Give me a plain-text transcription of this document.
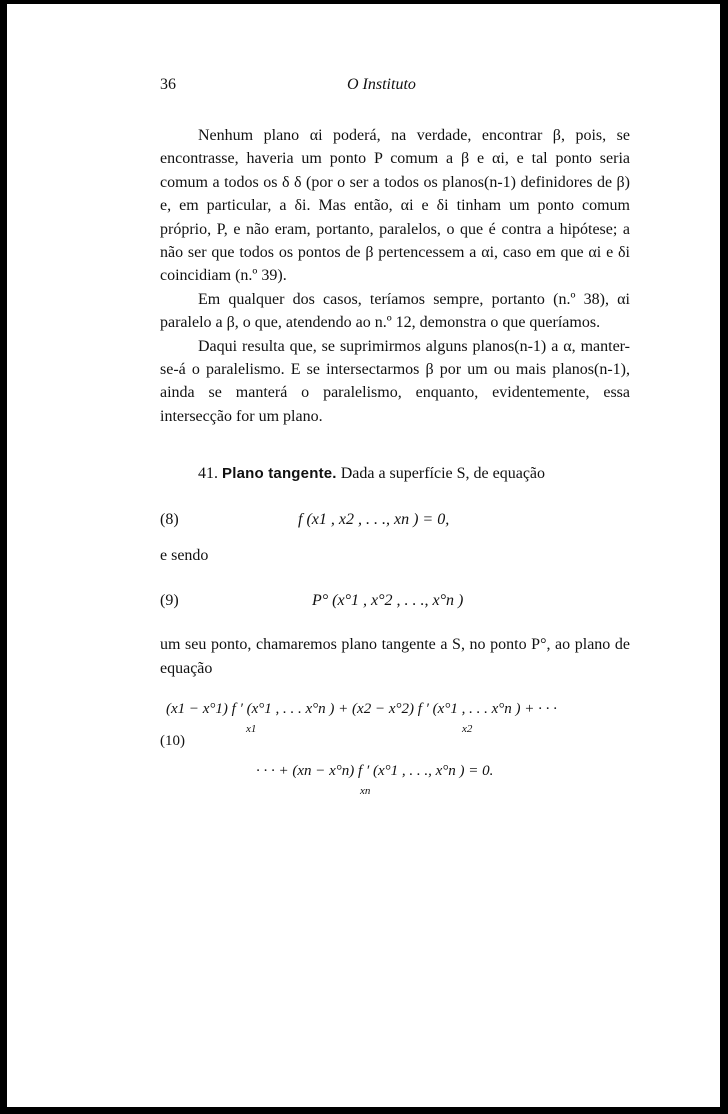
36	O Instituto

Nenhum plano αi poderá, na verdade, encontrar β, pois, se encontrasse, haveria um ponto P comum a β e αi, e tal ponto seria comum a todos os δ δ (por o ser a todos os planos(n-1) definidores de β) e, em particular, a δi. Mas então, αi e δi tinham um ponto comum próprio, P, e não eram, portanto, paralelos, o que é contra a hipótese; a não ser que todos os pontos de β pertencessem a αi, caso em que αi e δi coincidiam (n.º 39).

Em qualquer dos casos, teríamos sempre, portanto (n.º 38), αi paralelo a β, o que, atendendo ao n.º 12, demonstra o que queríamos.

Daqui resulta que, se suprimirmos alguns planos(n-1) a α, manter-se-á o paralelismo. E se intersectarmos β por um ou mais planos(n-1), ainda se manterá o paralelismo, enquanto, evidentemente, essa intersecção for um plano.

41. Plano tangente. Dada a superfície S, de equação

(8)	f (x1 , x2 , . . ., xn ) = 0,

e sendo

(9)	P° (x°1 , x°2 , . . ., x°n )

um seu ponto, chamaremos plano tangente a S, no ponto P°, ao plano de equação

(x1 − x°1) f ′ (x°1 , . . . x°n ) + (x2 − x°2) f ′ (x°1 , . . . x°n ) + · · ·
x1	x2
(10)
· · · + (xn − x°n) f ′ (x°1 , . . ., x°n ) = 0.
xn
